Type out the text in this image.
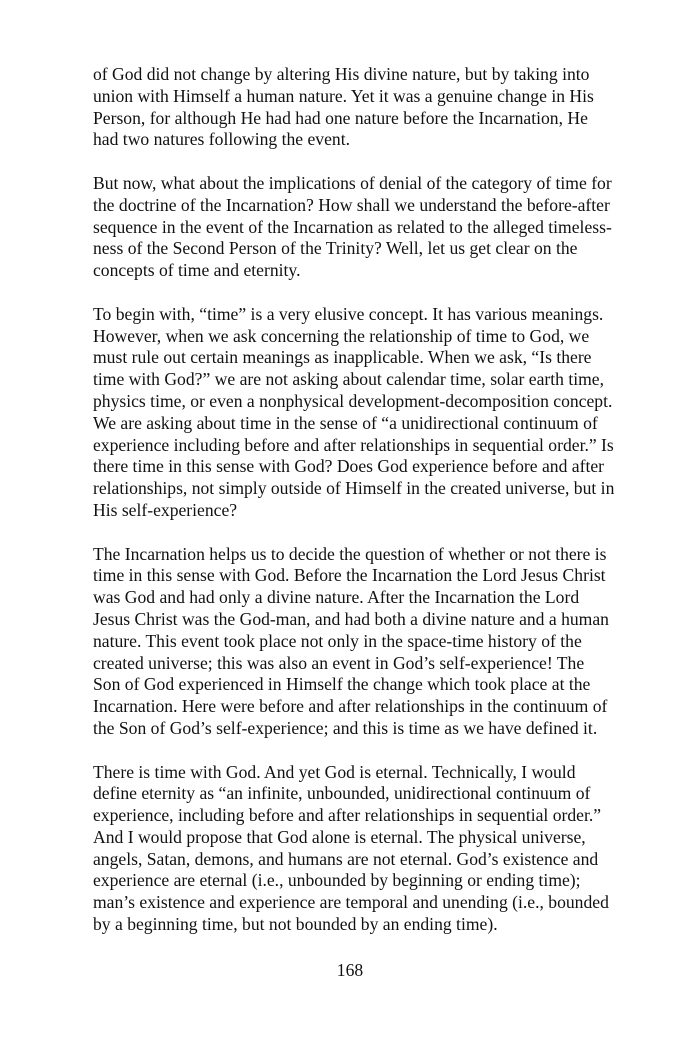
of God did not change by altering His divine nature, but by taking into
union with Himself a human nature. Yet it was a genuine change in His
Person, for although He had had one nature before the Incarnation, He
had two natures following the event.
But now, what about the implications of denial of the category of time for
the doctrine of the Incarnation? How shall we understand the before-after
sequence in the event of the Incarnation as related to the alleged timeless-
ness of the Second Person of the Trinity? Well, let us get clear on the
concepts of time and eternity.
To begin with, “time” is a very elusive concept. It has various meanings.
However, when we ask concerning the relationship of time to God, we
must rule out certain meanings as inapplicable. When we ask, “Is there
time with God?” we are not asking about calendar time, solar earth time,
physics time, or even a nonphysical development-decomposition concept.
We are asking about time in the sense of “a unidirectional continuum of
experience including before and after relationships in sequential order.” Is
there time in this sense with God? Does God experience before and after
relationships, not simply outside of Himself in the created universe, but in
His self-experience?
The Incarnation helps us to decide the question of whether or not there is
time in this sense with God. Before the Incarnation the Lord Jesus Christ
was God and had only a divine nature. After the Incarnation the Lord
Jesus Christ was the God-man, and had both a divine nature and a human
nature. This event took place not only in the space-time history of the
created universe; this was also an event in God’s self-experience! The
Son of God experienced in Himself the change which took place at the
Incarnation. Here were before and after relationships in the continuum of
the Son of God’s self-experience; and this is time as we have defined it.
There is time with God. And yet God is eternal. Technically, I would
define eternity as “an infinite, unbounded, unidirectional continuum of
experience, including before and after relationships in sequential order.”
And I would propose that God alone is eternal. The physical universe,
angels, Satan, demons, and humans are not eternal. God’s existence and
experience are eternal (i.e., unbounded by beginning or ending time);
man’s existence and experience are temporal and unending (i.e., bounded
by a beginning time, but not bounded by an ending time).
168
